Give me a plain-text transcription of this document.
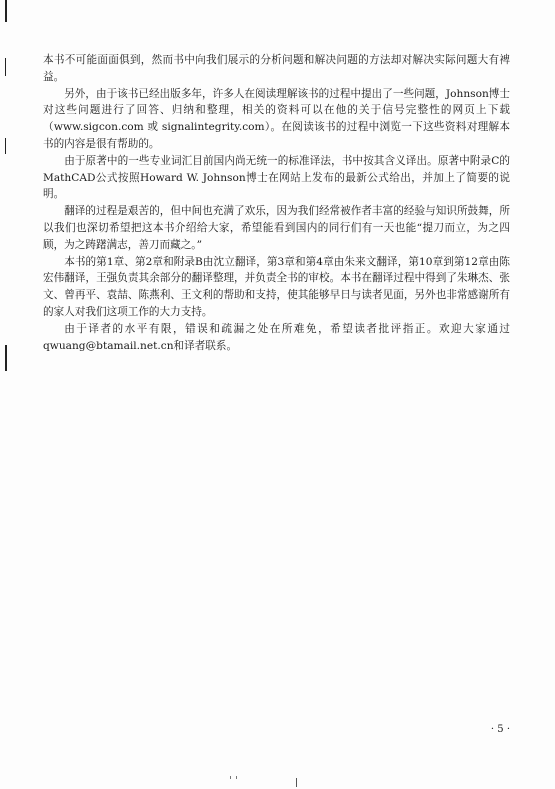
本书不可能面面俱到，然而书中向我们展示的分析问题和解决问题的方法却对解决实际问题大有裨益。

另外，由于该书已经出版多年，许多人在阅读理解该书的过程中提出了一些问题，Johnson博士对这些问题进行了回答、归纳和整理，相关的资料可以在他的关于信号完整性的网页上下载（www.sigcon.com 或 signalintegrity.com）。在阅读该书的过程中浏览一下这些资料对理解本书的内容是很有帮助的。

由于原著中的一些专业词汇目前国内尚无统一的标准译法，书中按其含义译出。原著中附录C的MathCAD公式按照Howard W. Johnson博士在网站上发布的最新公式给出，并加上了简要的说明。

翻译的过程是艰苦的，但中间也充满了欢乐，因为我们经常被作者丰富的经验与知识所鼓舞，所以我们也深切希望把这本书介绍给大家，希望能看到国内的同行们有一天也能“提刀而立，为之四顾，为之踌躇满志，善刀而藏之。”

本书的第1章、第2章和附录B由沈立翻译，第3章和第4章由朱来文翻译，第10章到第12章由陈宏伟翻译，王强负责其余部分的翻译整理，并负责全书的审校。本书在翻译过程中得到了朱琳杰、张文、曾再平、袁喆、陈燕利、王文利的帮助和支持，使其能够早日与读者见面，另外也非常感谢所有的家人对我们这项工作的大力支持。

由于译者的水平有限，错误和疏漏之处在所难免，希望读者批评指正。欢迎大家通过qwuang@btamail.net.cn和译者联系。

· 5 ·
